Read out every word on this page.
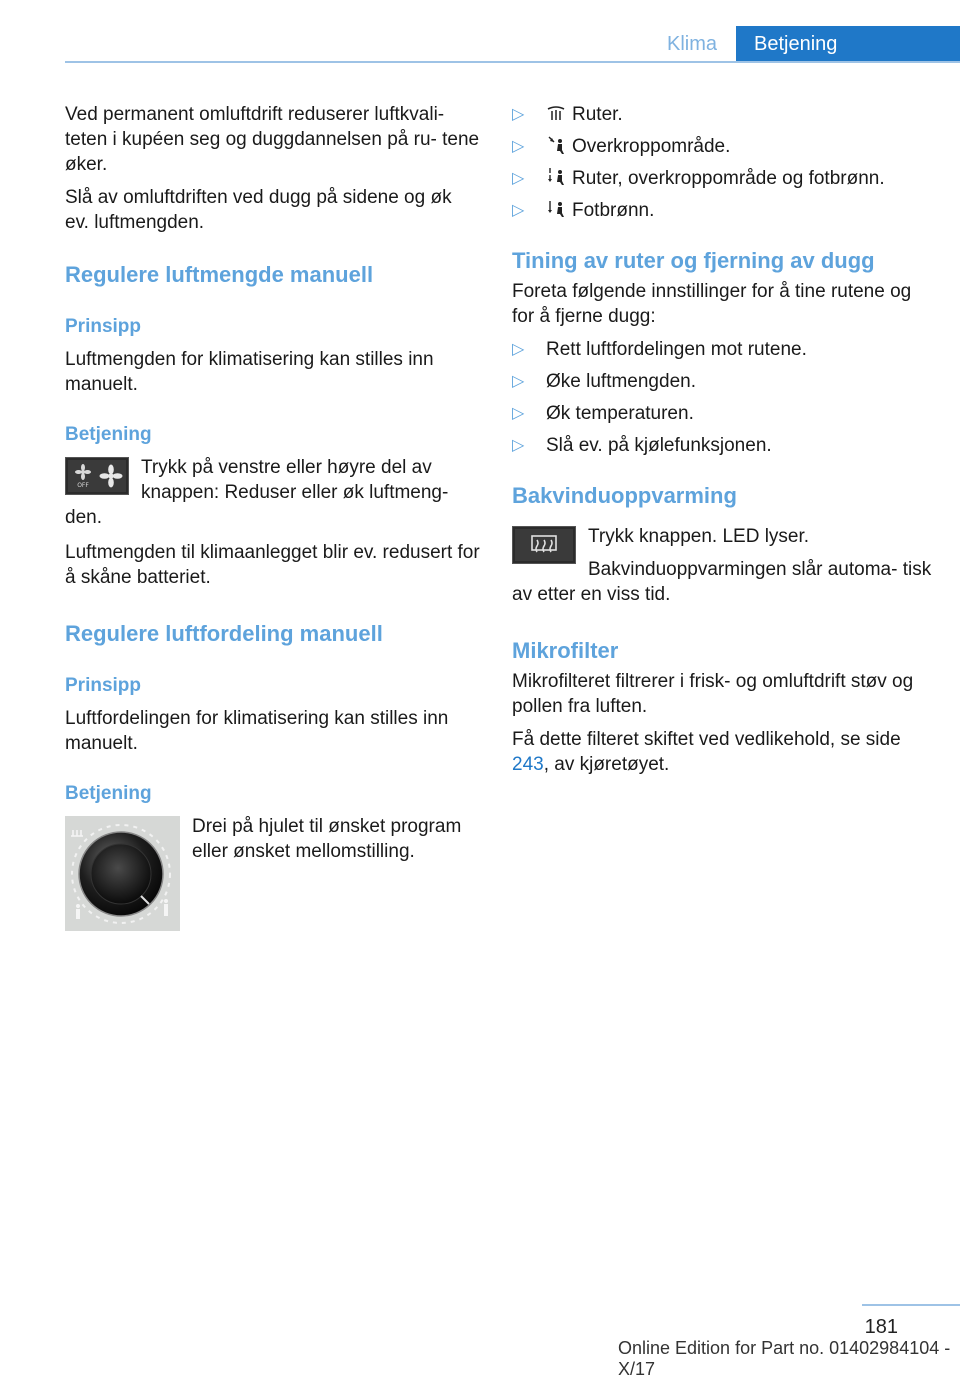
Klima	Betjening

Ved permanent omluftdrift reduserer luftkvali- teten i kupéen seg og duggdannelsen på ru- tene øker.

Slå av omluftdriften ved dugg på sidene og øk ev. luftmengden.

Regulere luftmengde manuell
Prinsipp

Luftmengden for klimatisering kan stilles inn manuelt.

Betjening
OFF

Trykk på venstre eller høyre del av knappen: Reduser eller øk luftmeng- den.

Luftmengden til klimaanlegget blir ev. redusert for å skåne batteriet.

Regulere luftfordeling manuell
Prinsipp

Luftfordelingen for klimatisering kan stilles inn manuelt.

Betjening

Drei på hjulet til ønsket program eller ønsket mellomstilling.

▷	Ruter.
▷	Overkroppområde.
▷	Ruter, overkroppområde og fotbrønn.
▷	Fotbrønn.
Tining av ruter og fjerning av dugg

Foreta følgende innstillinger for å tine rutene og for å fjerne dugg:

▷ Rett luftfordelingen mot rutene.
▷ Øke luftmengden.
▷ Øk temperaturen.
▷ Slå ev. på kjølefunksjonen.
Bakvinduoppvarming

Trykk knappen. LED lyser.

Bakvinduoppvarmingen slår automa- tisk av etter en viss tid.

Mikrofilter

Mikrofilteret filtrerer i frisk- og omluftdrift støv og pollen fra luften.

Få dette filteret skiftet ved vedlikehold, se side 243, av kjøretøyet.

181
Online Edition for Part no. 01402984104 - X/17
